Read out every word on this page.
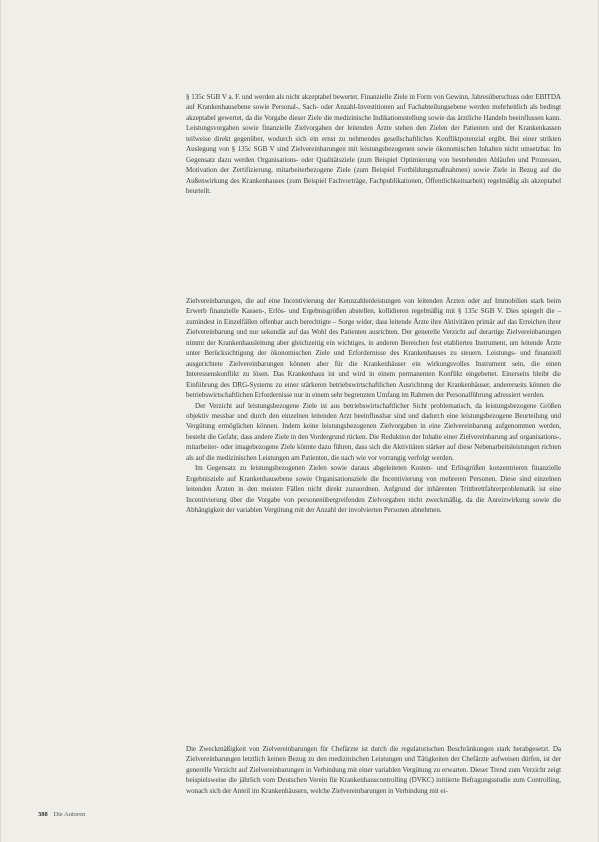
§ 135c SGB V a. F. und werden als nicht akzeptabel bewertet. Finanzielle Ziele in Form von Gewinn, Jahresüberschuss oder EBITDA auf Krankenhausebene sowie Personal-, Sach- oder Anzahl-Investitionen auf Fachabteilungsebene werden mehrheitlich als bedingt akzeptabel gewertet, da die Vorgabe dieser Ziele die medizinische Indikationsstellung sowie das ärztliche Handeln beeinflussen kann. Leistungsvorgaben sowie finanzielle Zielvorgaben der leitenden Ärzte stehen den Zielen der Patienten und der Krankenkassen teilweise direkt gegenüber, wodurch sich ein ernst zu nehmendes gesellschaftliches Konfliktpotenzial ergibt. Bei einer strikten Auslegung von § 135c SGB V sind Zielvereinbarungen mit leistungsbezogenen sowie ökonomischen Inhalten nicht umsetzbar. Im Gegensatz dazu werden Organisations- oder Qualitätsziele (zum Beispiel Optimierung von bestehenden Abläufen und Prozessen, Motivation der Zertifizierung, mitarbeiterbezogene Ziele (zum Beispiel Fortbildungsmaßnahmen) sowie Ziele in Bezug auf die Außenwirkung des Krankenhauses (zum Beispiel Fachvorträge, Fachpublikationen, Öffentlichkeitsarbeit) regelmäßig als akzeptabel beurteilt.

Zielvereinbarungen, die auf eine Incentivierung der Kennzahlenleistungen von leitenden Ärzten oder auf Immobilien stark beim Erwerb finanzielle Kassen-, Erlös- und Ergebnisgrößen abstellen, kollidieren regelmäßig mit § 135c SGB V. Dies spiegelt die – zumindest in Einzelfällen offenbar auch berechtigte – Sorge wider, dass leitende Ärzte ihre Aktivitäten primär auf das Erreichen ihrer Zielvereinbarung und nur sekundär auf das Wohl des Patienten ausrichten. Der generelle Verzicht auf derartige Zielvereinbarungen nimmt der Krankenhausleitung aber gleichzeitig ein wichtiges, in anderen Bereichen fest etabliertes Instrument, um leitende Ärzte unter Berücksichtigung der ökonomischen Ziele und Erfordernisse des Krankenhauses zu steuern. Leistungs- und finanziell ausgerichtete Zielvereinbarungen können aber für die Krankenhäuser ein wirkungsvolles Instrument sein, die einen Interessenskonflikt zu lösen. Das Krankenhaus ist und wird in einem permanenten Konflikt eingebettet. Einerseits bleibt die Einführung des DRG-Systems zu einer stärkeren betriebswirtschaftlichen Ausrichtung der Krankenhäuser, andererseits können die betriebswirtschaftlichen Erfordernisse nur in einem sehr begrenzten Umfang im Rahmen der Personalführung adressiert werden.

Der Verzicht auf leistungsbezogene Ziele ist aus betriebswirtschaftlicher Sicht problematisch, da leistungsbezogene Größen objektiv messbar und durch den einzelnen leitenden Arzt beeinflussbar sind und dadurch eine leistungsbezogene Beurteilung und Vergütung ermöglichen können. Indem keine leistungsbezogenen Zielvorgaben in eine Zielvereinbarung aufgenommen werden, besteht die Gefahr, dass andere Ziele in den Vordergrund rücken. Die Reduktion der Inhalte einer Zielvereinbarung auf organisations-, mitarbeiter- oder imagebezogene Ziele könnte dazu führen, dass sich die Aktivitäten stärker auf diese Nebenarbeitsleistungen richten als auf die medizinischen Leistungen am Patienten, die nach wie vor vorrangig verfolgt werden.

Im Gegensatz zu leistungsbezogenen Zielen sowie daraus abgeleiteten Kosten- und Erlösgrößen konzentrieren finanzielle Ergebnisziele auf Krankenhausebene sowie Organisationsziele die Incentivierung von mehreren Personen. Diese sind einzelnen leitenden Ärzten in den meisten Fällen nicht direkt zuzuordnen. Aufgrund der inhärenten Trittbrettfahrerproblematik ist eine Incentivierung über die Vorgabe von personenübergreifenden Zielvorgaben nicht zweckmäßig, da die Anreizwirkung sowie die Abhängigkeit der variablen Vergütung mit der Anzahl der involvierten Personen abnehmen.

Die Zweckmäßigkeit von Zielvereinbarungen für Chefärzte ist durch die regulatorischen Beschränkungen stark herabgesetzt. Da Zielvereinbarungen letztlich keinen Bezug zu den medizinischen Leistungen und Tätigkeiten der Chefärzte aufweisen dürfen, ist der generelle Verzicht auf Zielvereinbarungen in Verbindung mit einer variablen Vergütung zu erwarten. Dieser Trend zum Verzicht zeigt beispielsweise die jährlich vom Deutschen Verein für Krankenhauscontrolling (DVKC) initiierte Befragungsstudie zum Controlling, wonach sich der Anteil im Krankenhäusern, welche Zielvereinbarungen in Verbindung mit ei-

388 Die Autoren
